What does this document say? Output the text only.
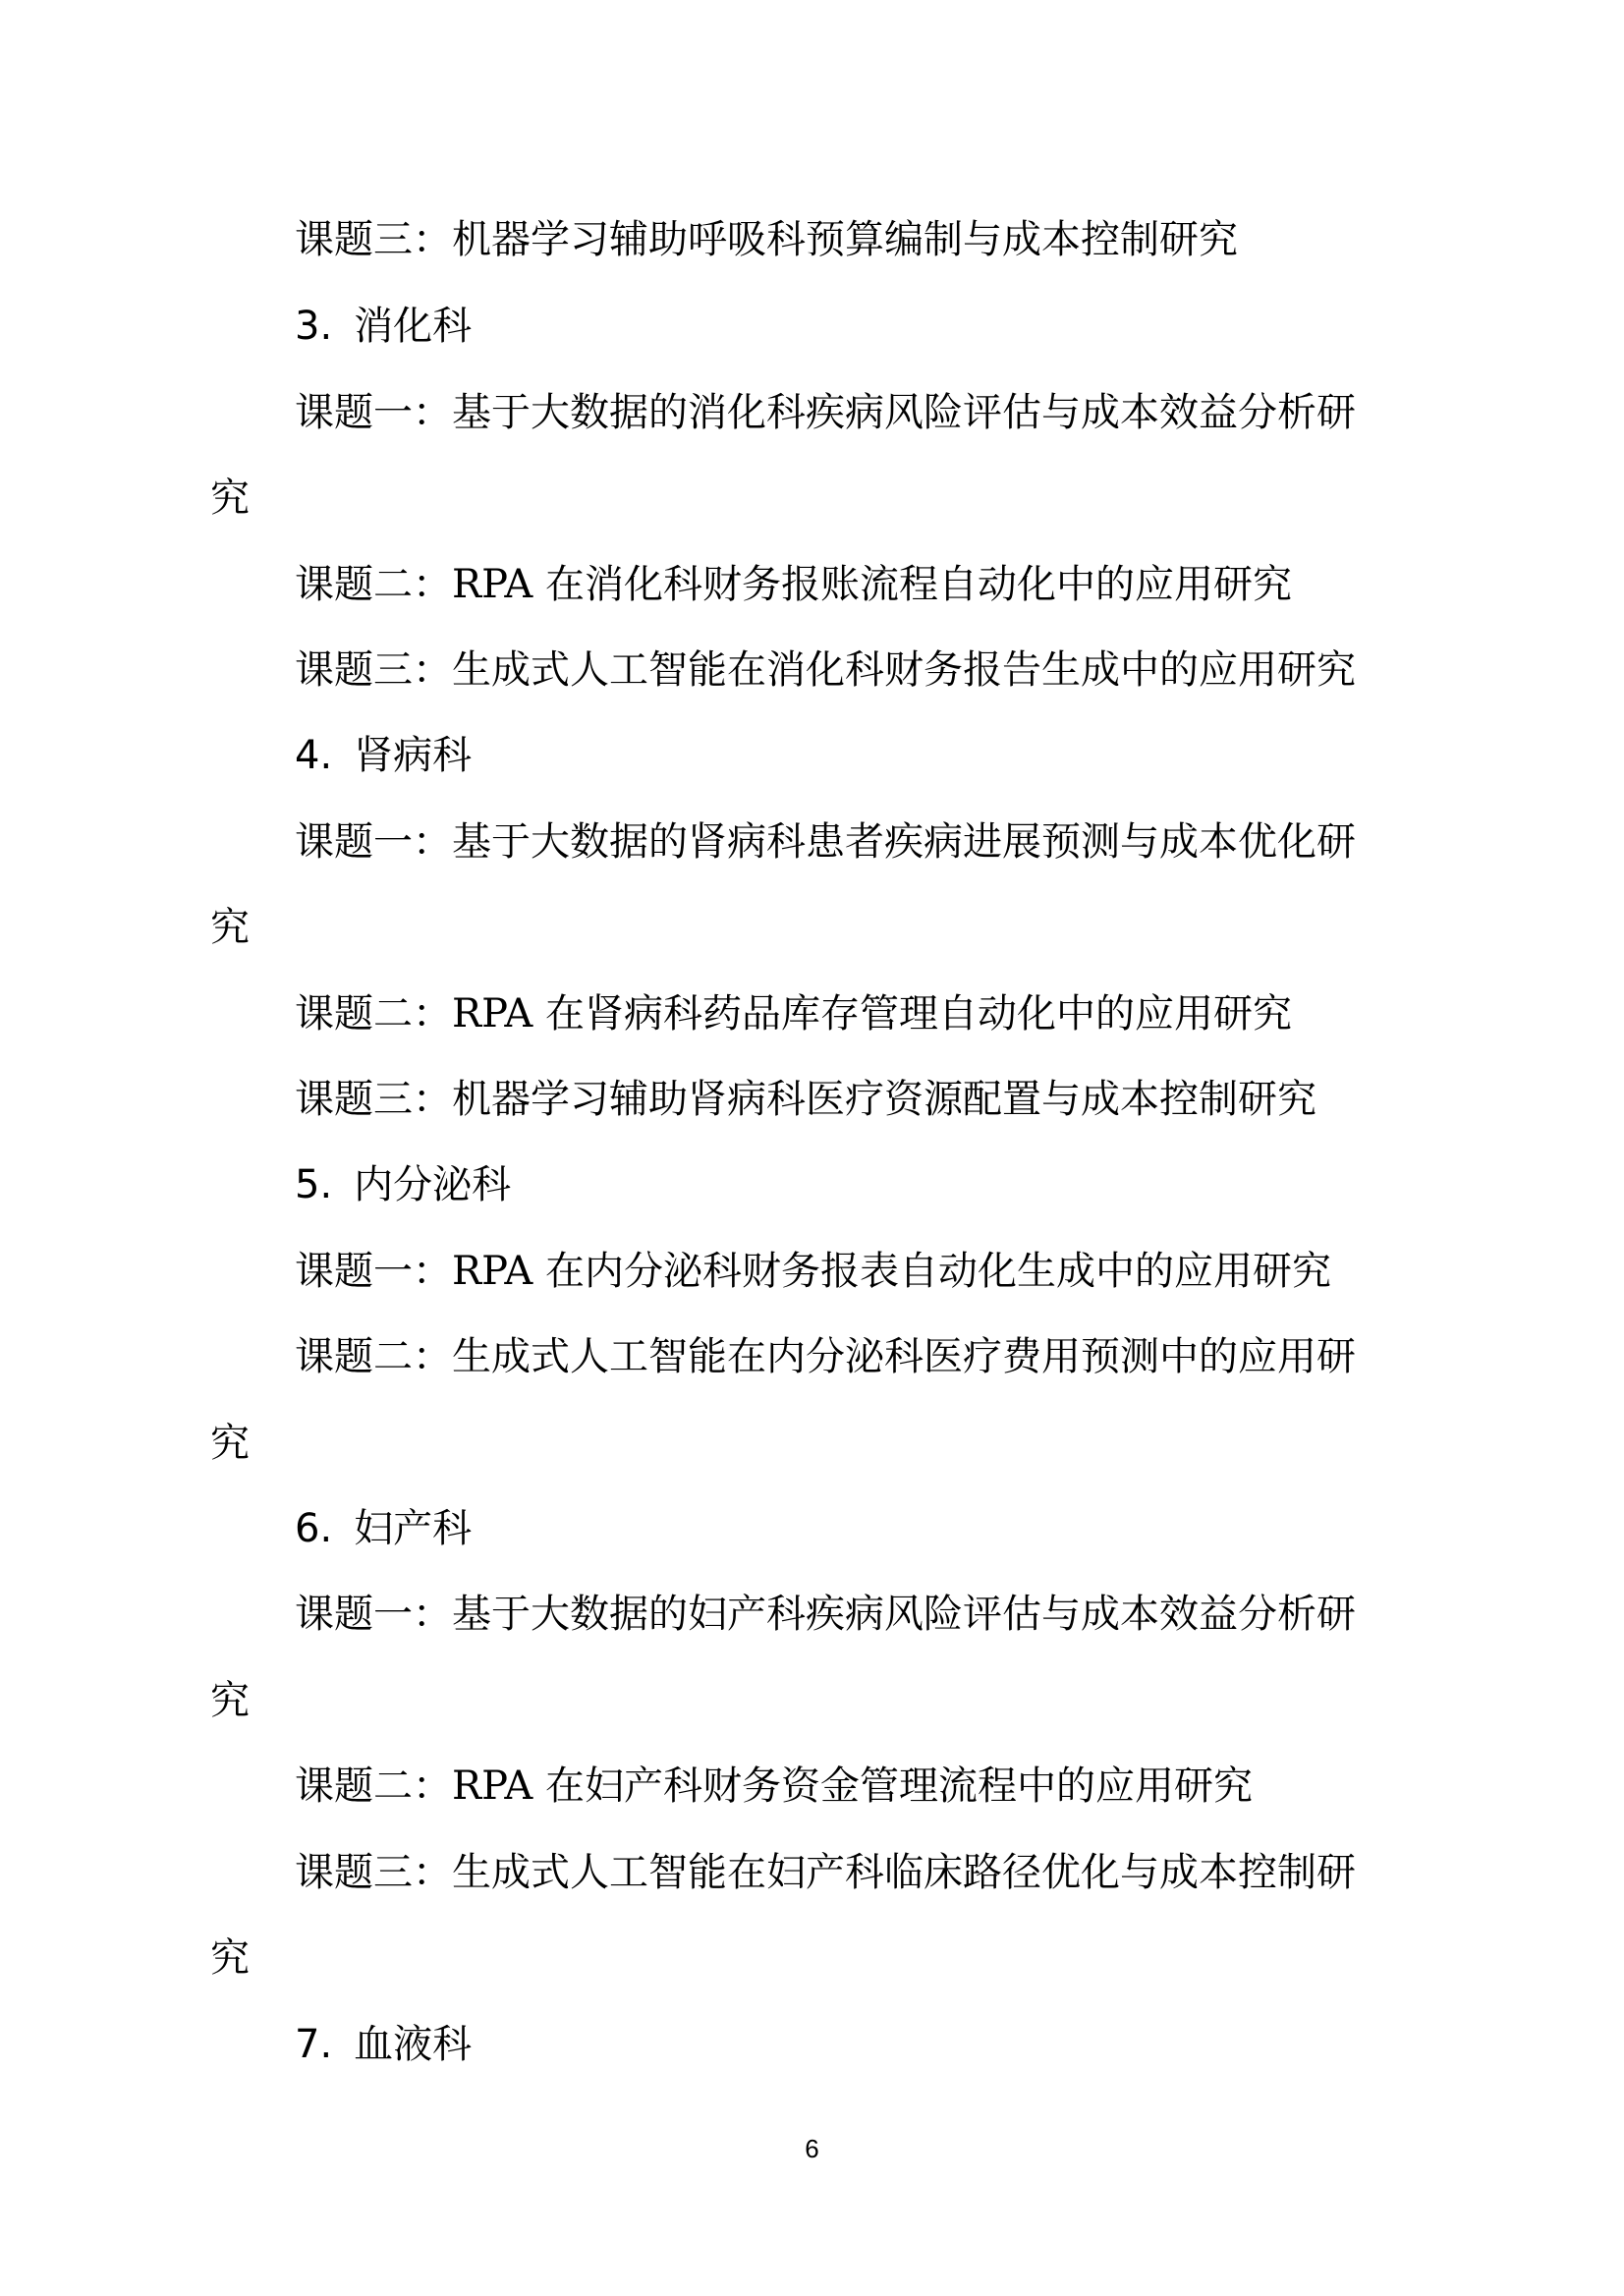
课题三：机器学习辅助呼吸科预算编制与成本控制研究
3. 消化科
课题一：基于大数据的消化科疾病风险评估与成本效益分析研
究
课题二：RPA 在消化科财务报账流程自动化中的应用研究
课题三：生成式人工智能在消化科财务报告生成中的应用研究
4. 肾病科
课题一：基于大数据的肾病科患者疾病进展预测与成本优化研
究
课题二：RPA 在肾病科药品库存管理自动化中的应用研究
课题三：机器学习辅助肾病科医疗资源配置与成本控制研究
5. 内分泌科
课题一：RPA 在内分泌科财务报表自动化生成中的应用研究
课题二：生成式人工智能在内分泌科医疗费用预测中的应用研
究
6. 妇产科
课题一：基于大数据的妇产科疾病风险评估与成本效益分析研
究
课题二：RPA 在妇产科财务资金管理流程中的应用研究
课题三：生成式人工智能在妇产科临床路径优化与成本控制研
究
7. 血液科
6
